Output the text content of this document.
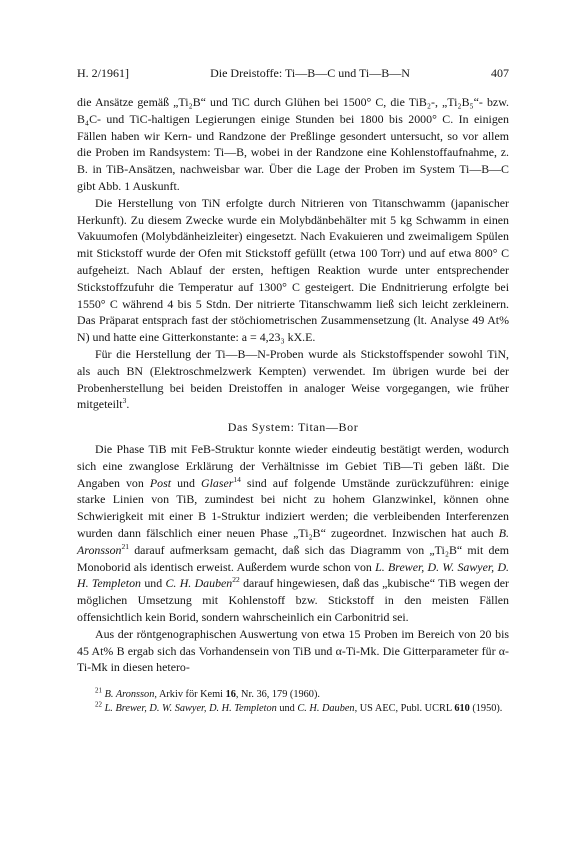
H. 2/1961]	Die Dreistoffe: Ti—B—C und Ti—B—N	407

die Ansätze gemäß „Ti₂B“ und TiC durch Glühen bei 1500° C, die TiB₂-, „Ti₂B₅“- bzw. B₄C- und TiC-haltigen Legierungen einige Stunden bei 1800 bis 2000° C. In einigen Fällen haben wir Kern- und Randzone der Preßlinge gesondert untersucht, so vor allem die Proben im Randsystem: Ti—B, wobei in der Randzone eine Kohlenstoffaufnahme, z. B. in TiB-Ansätzen, nachweisbar war. Über die Lage der Proben im System Ti—B—C gibt Abb. 1 Auskunft.

Die Herstellung von TiN erfolgte durch Nitrieren von Titanschwamm (japanischer Herkunft). Zu diesem Zwecke wurde ein Molybdänbehälter mit 5 kg Schwamm in einen Vakuumofen (Molybdänheizleiter) eingesetzt. Nach Evakuieren und zweimaligem Spülen mit Stickstoff wurde der Ofen mit Stickstoff gefüllt (etwa 100 Torr) und auf etwa 800° C aufgeheizt. Nach Ablauf der ersten, heftigen Reaktion wurde unter entsprechender Stickstoffzufuhr die Temperatur auf 1300° C gesteigert. Die Endnitrierung erfolgte bei 1550° C während 4 bis 5 Stdn. Der nitrierte Titanschwamm ließ sich leicht zerkleinern. Das Präparat entsprach fast der stöchiometrischen Zusammensetzung (lt. Analyse 49 At% N) und hatte eine Gitterkonstante: a = 4,23₃ kX.E.

Für die Herstellung der Ti—B—N-Proben wurde als Stickstoffspender sowohl TiN, als auch BN (Elektroschmelzwerk Kempten) verwendet. Im übrigen wurde bei der Probenherstellung bei beiden Dreistoffen in analoger Weise vorgegangen, wie früher mitgeteilt$^3$.

Das System: Titan—Bor

Die Phase TiB mit FeB-Struktur konnte wieder eindeutig bestätigt werden, wodurch sich eine zwanglose Erklärung der Verhältnisse im Gebiet TiB—Ti geben läßt. Die Angaben von Post und Glaser$^{14}$ sind auf folgende Umstände zurückzuführen: einige starke Linien von TiB, zumindest bei nicht zu hohem Glanzwinkel, können ohne Schwierigkeit mit einer B 1-Struktur indiziert werden; die verbleibenden Interferenzen wurden dann fälschlich einer neuen Phase „Ti₂B“ zugeordnet. Inzwischen hat auch B. Aronsson$^{21}$ darauf aufmerksam gemacht, daß sich das Diagramm von „Ti₂B“ mit dem Monoborid als identisch erweist. Außerdem wurde schon von L. Brewer, D. W. Sawyer, D. H. Templeton und C. H. Dauben$^{22}$ darauf hingewiesen, daß das „kubische“ TiB wegen der möglichen Umsetzung mit Kohlenstoff bzw. Stickstoff in den meisten Fällen offensichtlich kein Borid, sondern wahrscheinlich ein Carbonitrid sei.

Aus der röntgenographischen Auswertung von etwa 15 Proben im Bereich von 20 bis 45 At% B ergab sich das Vorhandensein von TiB und α-Ti-Mk. Die Gitterparameter für α-Ti-Mk in diesen hetero-

$^{21}$ B. Aronsson, Arkiv för Kemi 16, Nr. 36, 179 (1960).

$^{22}$ L. Brewer, D. W. Sawyer, D. H. Templeton und C. H. Dauben, US AEC, Publ. UCRL 610 (1950).
